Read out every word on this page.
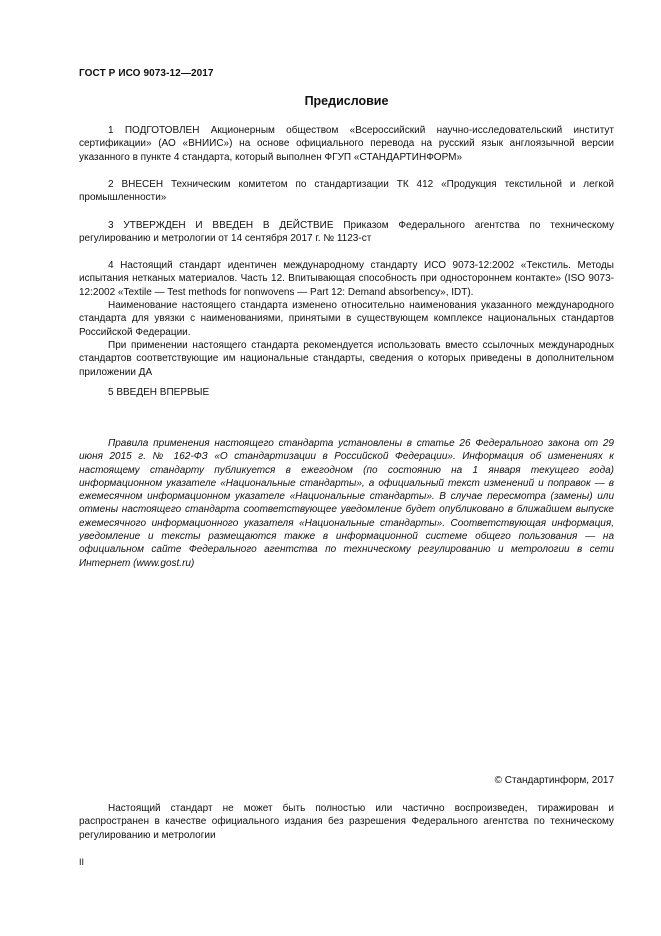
ГОСТ Р ИСО 9073-12—2017
Предисловие

1 ПОДГОТОВЛЕН Акционерным обществом «Всероссийский научно-исследовательский институт сертификации» (АО «ВНИИС») на основе официального перевода на русский язык англоязычной версии указанного в пункте 4 стандарта, который выполнен ФГУП «СТАНДАРТИНФОРМ»

2 ВНЕСЕН Техническим комитетом по стандартизации ТК 412 «Продукция текстильной и легкой промышленности»

3 УТВЕРЖДЕН И ВВЕДЕН В ДЕЙСТВИЕ Приказом Федерального агентства по техническому регулированию и метрологии от 14 сентября 2017 г. № 1123-ст

4 Настоящий стандарт идентичен международному стандарту ИСО 9073-12:2002 «Текстиль. Методы испытания нетканых материалов. Часть 12. Впитывающая способность при одностороннем контакте» (ISO 9073-12:2002 «Textile — Test methods for nonwovens — Part 12: Demand absorbency», IDT).

Наименование настоящего стандарта изменено относительно наименования указанного международного стандарта для увязки с наименованиями, принятыми в существующем комплексе национальных стандартов Российской Федерации.

При применении настоящего стандарта рекомендуется использовать вместо ссылочных международных стандартов соответствующие им национальные стандарты, сведения о которых приведены в дополнительном приложении ДА

5 ВВЕДЕН ВПЕРВЫЕ

Правила применения настоящего стандарта установлены в статье 26 Федерального закона от 29 июня 2015 г. № 162-ФЗ «О стандартизации в Российской Федерации». Информация об изменениях к настоящему стандарту публикуется в ежегодном (по состоянию на 1 января текущего года) информационном указателе «Национальные стандарты», а официальный текст изменений и поправок — в ежемесячном информационном указателе «Национальные стандарты». В случае пересмотра (замены) или отмены настоящего стандарта соответствующее уведомление будет опубликовано в ближайшем выпуске ежемесячного информационного указателя «Национальные стандарты». Соответствующая информация, уведомление и тексты размещаются также в информационной системе общего пользования — на официальном сайте Федерального агентства по техническому регулированию и метрологии в сети Интернет (www.gost.ru)

© Стандартинформ, 2017

Настоящий стандарт не может быть полностью или частично воспроизведен, тиражирован и распространен в качестве официального издания без разрешения Федерального агентства по техническому регулированию и метрологии

II
